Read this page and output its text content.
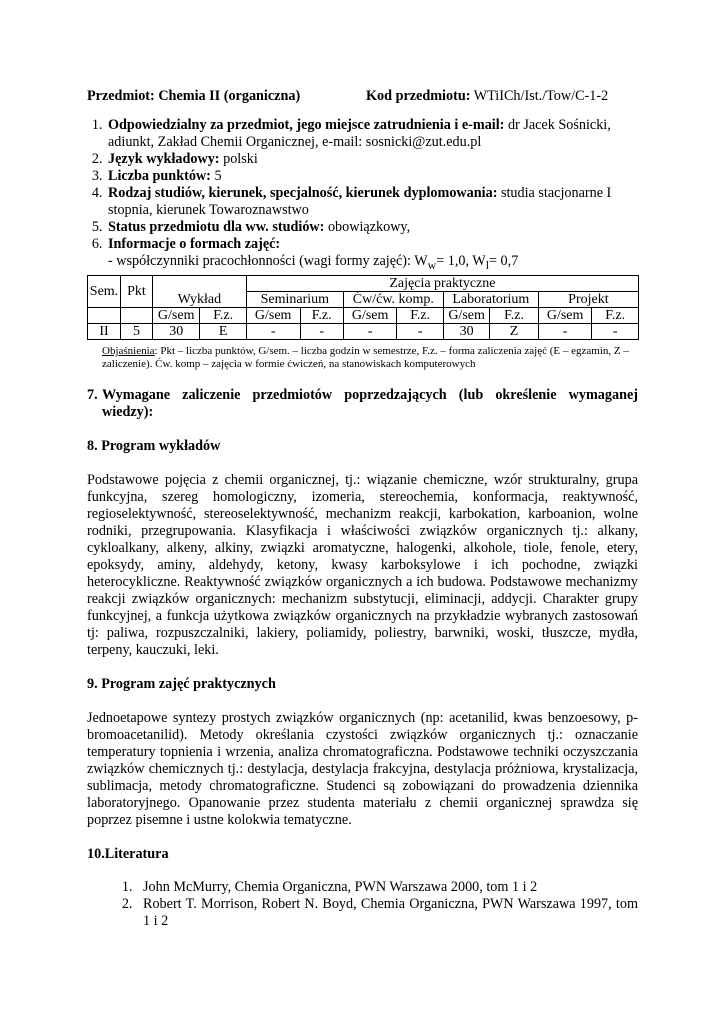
Przedmiot: Chemia II (organiczna)	Kod przedmiotu: WTiICh/Ist./Tow/C-1-2
1. Odpowiedzialny za przedmiot, jego miejsce zatrudnienia i e-mail: dr Jacek Sośnicki, adiunkt, Zakład Chemii Organicznej, e-mail: sosnicki@zut.edu.pl
2. Język wykładowy: polski
3. Liczba punktów: 5
4. Rodzaj studiów, kierunek, specjalność, kierunek dyplomowania: studia stacjonarne I stopnia, kierunek Towaroznawstwo
5. Status przedmiotu dla ww. studiów: obowiązkowy,
6. Informacje o formach zajęć:
- współczynniki pracochłonności (wagi formy zajęć): $W_w= 1,0$, $W_l= 0,7$
Sem.	Pkt	Wykład		Zajęcia praktyczne							
				Seminarium		Ćw/ćw. komp.		Laboratorium		Projekt	
		G/sem	F.z.	G/sem	F.z.	G/sem	F.z.	G/sem	F.z.	G/sem	F.z.
II	5	30	E	-	-	-	-	30	Z	-	-
Objaśnienia: Pkt – liczba punktów, G/sem. – liczba godzin w semestrze, F.z. – forma zaliczenia zajęć (E – egzamin, Z – zaliczenie). Ćw. komp – zajęcia w formie ćwiczeń, na stanowiskach komputerowych
7. Wymagane zaliczenie przedmiotów poprzedzających (lub określenie wymaganej wiedzy):
8. Program wykładów

Podstawowe pojęcia z chemii organicznej, tj.: wiązanie chemiczne, wzór strukturalny, grupa funkcyjna, szereg homologiczny, izomeria, stereochemia, konformacja, reaktywność, regioselektywność, stereoselektywność, mechanizm reakcji, karbokation, karboanion, wolne rodniki, przegrupowania. Klasyfikacja i właściwości związków organicznych tj.: alkany, cykloalkany, alkeny, alkiny, związki aromatyczne, halogenki, alkohole, tiole, fenole, etery, epoksydy, aminy, aldehydy, ketony, kwasy karboksylowe i ich pochodne, związki heterocykliczne. Reaktywność związków organicznych a ich budowa. Podstawowe mechanizmy reakcji związków organicznych: mechanizm substytucji, eliminacji, addycji. Charakter grupy funkcyjnej, a funkcja użytkowa związków organicznych na przykładzie wybranych zastosowań tj: paliwa, rozpuszczalniki, lakiery, poliamidy, poliestry, barwniki, woski, tłuszcze, mydła, terpeny, kauczuki, leki.

9. Program zajęć praktycznych

Jednoetapowe syntezy prostych związków organicznych (np: acetanilid, kwas benzoesowy, p-bromoacetanilid). Metody określania czystości związków organicznych tj.: oznaczanie temperatury topnienia i wrzenia, analiza chromatograficzna. Podstawowe techniki oczyszczania związków chemicznych tj.: destylacja, destylacja frakcyjna, destylacja próżniowa, krystalizacja, sublimacja, metody chromatograficzne. Studenci są zobowiązani do prowadzenia dziennika laboratoryjnego. Opanowanie przez studenta materiału z chemii organicznej sprawdza się poprzez pisemne i ustne kolokwia tematyczne.

10.Literatura
1. John McMurry, Chemia Organiczna, PWN Warszawa 2000, tom 1 i 2
2. Robert T. Morrison, Robert N. Boyd, Chemia Organiczna, PWN Warszawa 1997, tom 1 i 2
